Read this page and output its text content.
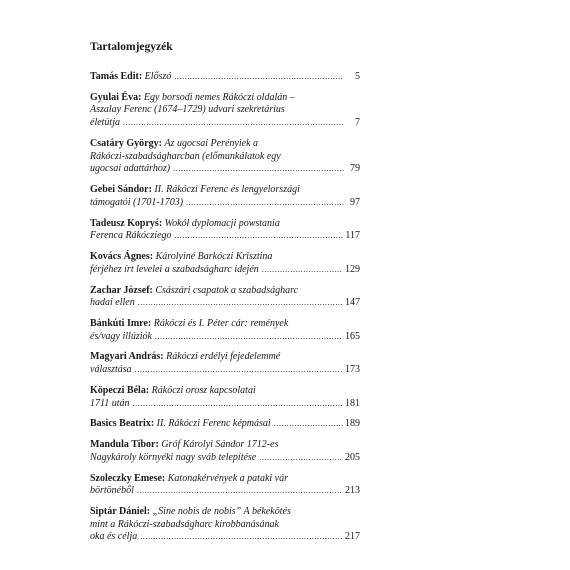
Tartalomjegyzék
Tamás Edit: Előszó .....	5
Gyulai Éva: Egy borsodi nemes Rákóczi oldalán –
Aszalay Ferenc (1674–1729) udvari szekretárius
életútja .....	7
Csatáry György: Az ugocsai Perényiek a
Rákóczi-szabadságharcban (előmunkálatok egy
ugocsai adattárhoz) .....	79
Gebei Sándor: II. Rákóczi Ferenc és lengyelországi
támogatói (1701-1703) .....	97
Tadeusz Kopryś: Wokół dyplomacji powstania
Ferenca Rákócziego .....	117
Kovács Ágnes: Károlyiné Barkóczi Krisztina
férjéhez írt levelei a szabadságharc idején .....	129
Zachar József: Császári csapatok a szabadságharc
hadai ellen .....	147
Bánkúti Imre: Rákóczi és I. Péter cár: remények
és/vagy illúziók .....	165
Magyari András: Rákóczi erdélyi fejedelemmé
választása .....	173
Köpeczi Béla: Rákóczi orosz kapcsolatai
1711 után .....	181
Basics Beatrix: II. Rákóczi Ferenc képmásai .....	189
Mandula Tibor: Gróf Károlyi Sándor 1712-es
Nagykároly környéki nagy sváb telepítése .....	205
Szoleczky Emese: Katonakérvények a pataki vár
börtönéből .....	213
Siptár Dániel: „Sine nobis de nobis” A békekötés
mint a Rákóczi-szabadságharc kirobbanásának
oka és célja .....	217
